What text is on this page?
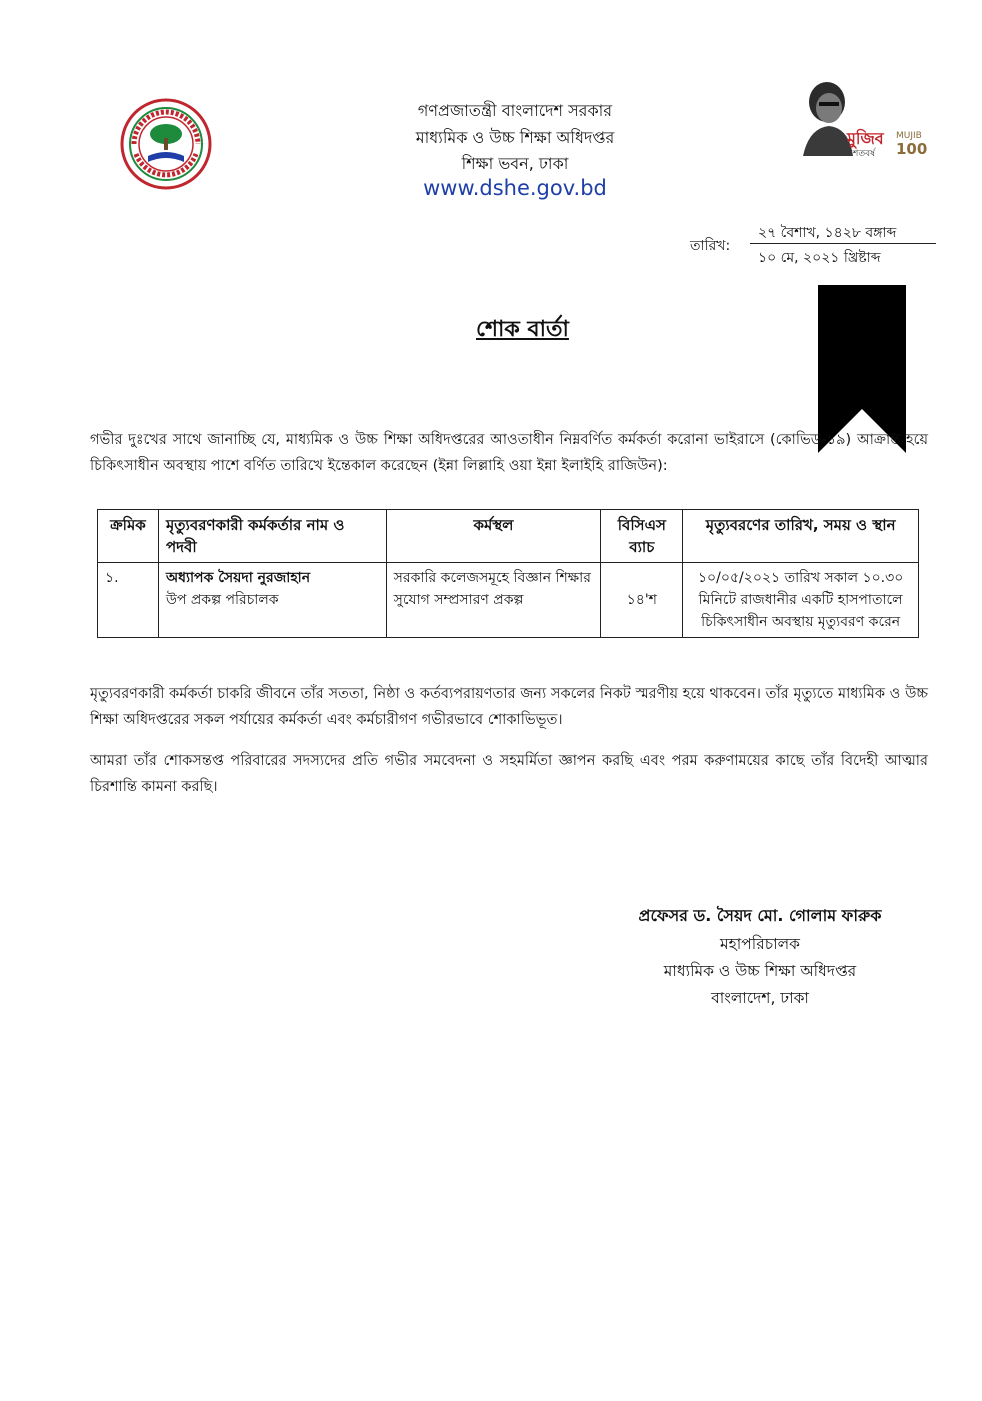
গণপ্রজাতন্ত্রী বাংলাদেশ সরকার
মাধ্যমিক ও উচ্চ শিক্ষা অধিদপ্তর
শিক্ষা ভবন, ঢাকা
www.dshe.gov.bd
মুজিব
শতবর্ষ
MUJIB
100
তারিখ:
২৭ বৈশাখ, ১৪২৮ বঙ্গাব্দ
১০ মে, ২০২১ খ্রিষ্টাব্দ
শোক বার্তা
গভীর দুঃখের সাথে জানাচ্ছি যে, মাধ্যমিক ও উচ্চ শিক্ষা অধিদপ্তরের আওতাধীন নিম্নবর্ণিত কর্মকর্তা করোনা ভাইরাসে (কোভিড-১৯) আক্রান্ত হয়ে চিকিৎসাধীন অবস্থায় পাশে বর্ণিত তারিখে ইন্তেকাল করেছেন (ইন্না লিল্লাহি ওয়া ইন্না ইলাইহি রাজিউন):
ক্রমিক	মৃত্যুবরণকারী কর্মকর্তার নাম ও পদবী	কর্মস্থল	বিসিএস ব্যাচ	মৃত্যুবরণের তারিখ, সময় ও স্থান
১.	অধ্যাপক সৈয়দা নুরজাহান
উপ প্রকল্প পরিচালক	সরকারি কলেজসমূহে বিজ্ঞান শিক্ষার সুযোগ সম্প্রসারণ প্রকল্প	১৪'শ	১০/০৫/২০২১ তারিখ সকাল ১০.৩০ মিনিটে রাজধানীর একটি হাসপাতালে চিকিৎসাধীন অবস্থায় মৃত্যুবরণ করেন
মৃত্যুবরণকারী কর্মকর্তা চাকরি জীবনে তাঁর সততা, নিষ্ঠা ও কর্তব্যপরায়ণতার জন্য সকলের নিকট স্মরণীয় হয়ে থাকবেন। তাঁর মৃত্যুতে মাধ্যমিক ও উচ্চ শিক্ষা অধিদপ্তরের সকল পর্যায়ের কর্মকর্তা এবং কর্মচারীগণ গভীরভাবে শোকাভিভূত।
আমরা তাঁর শোকসন্তপ্ত পরিবারের সদস্যদের প্রতি গভীর সমবেদনা ও সহমর্মিতা জ্ঞাপন করছি এবং পরম করুণাময়ের কাছে তাঁর বিদেহী আত্মার চিরশান্তি কামনা করছি।
প্রফেসর ড. সৈয়দ মো. গোলাম ফারুক
মহাপরিচালক
মাধ্যমিক ও উচ্চ শিক্ষা অধিদপ্তর
বাংলাদেশ, ঢাকা
